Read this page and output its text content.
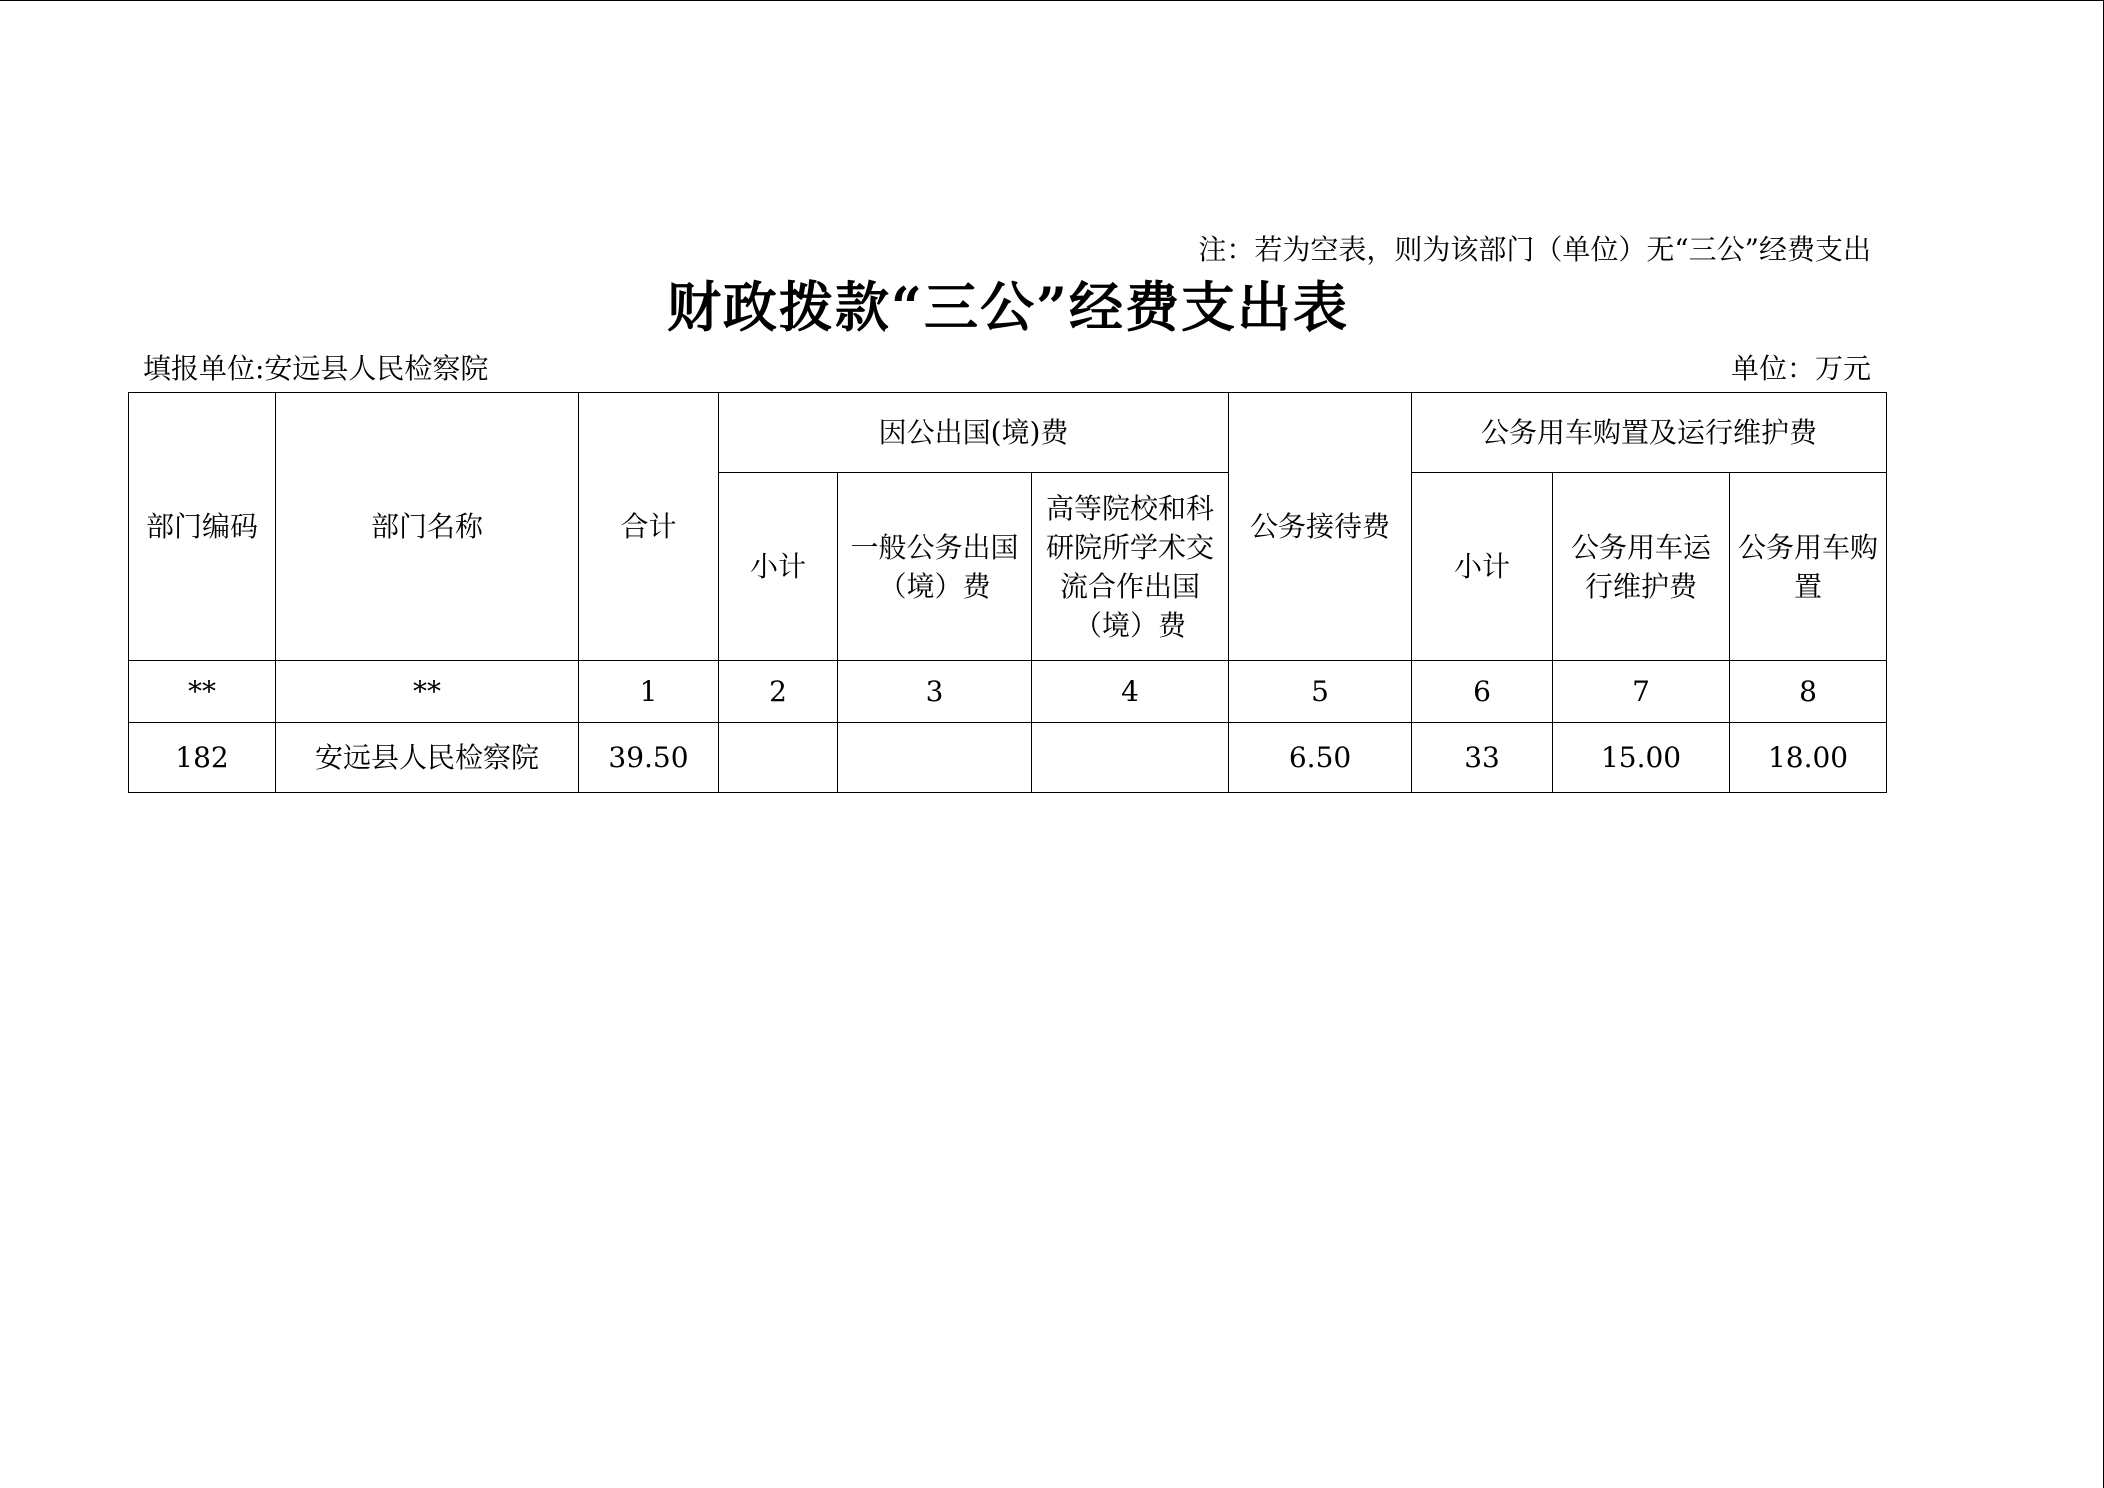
注：若为空表，则为该部门（单位）无“三公”经费支出
财政拨款“三公”经费支出表
填报单位:安远县人民检察院	单位：万元
部门编码	部门名称	合计	因公出国(境)费			公务接待费	公务用车购置及运行维护费		
			小计	一般公务出国（境）费	高等院校和科研院所学术交流合作出国（境）费		小计	公务用车运行维护费	公务用车购置
**	**	1	2	3	4	5	6	7	8
182	安远县人民检察院	39.50				6.50	33	15.00	18.00
